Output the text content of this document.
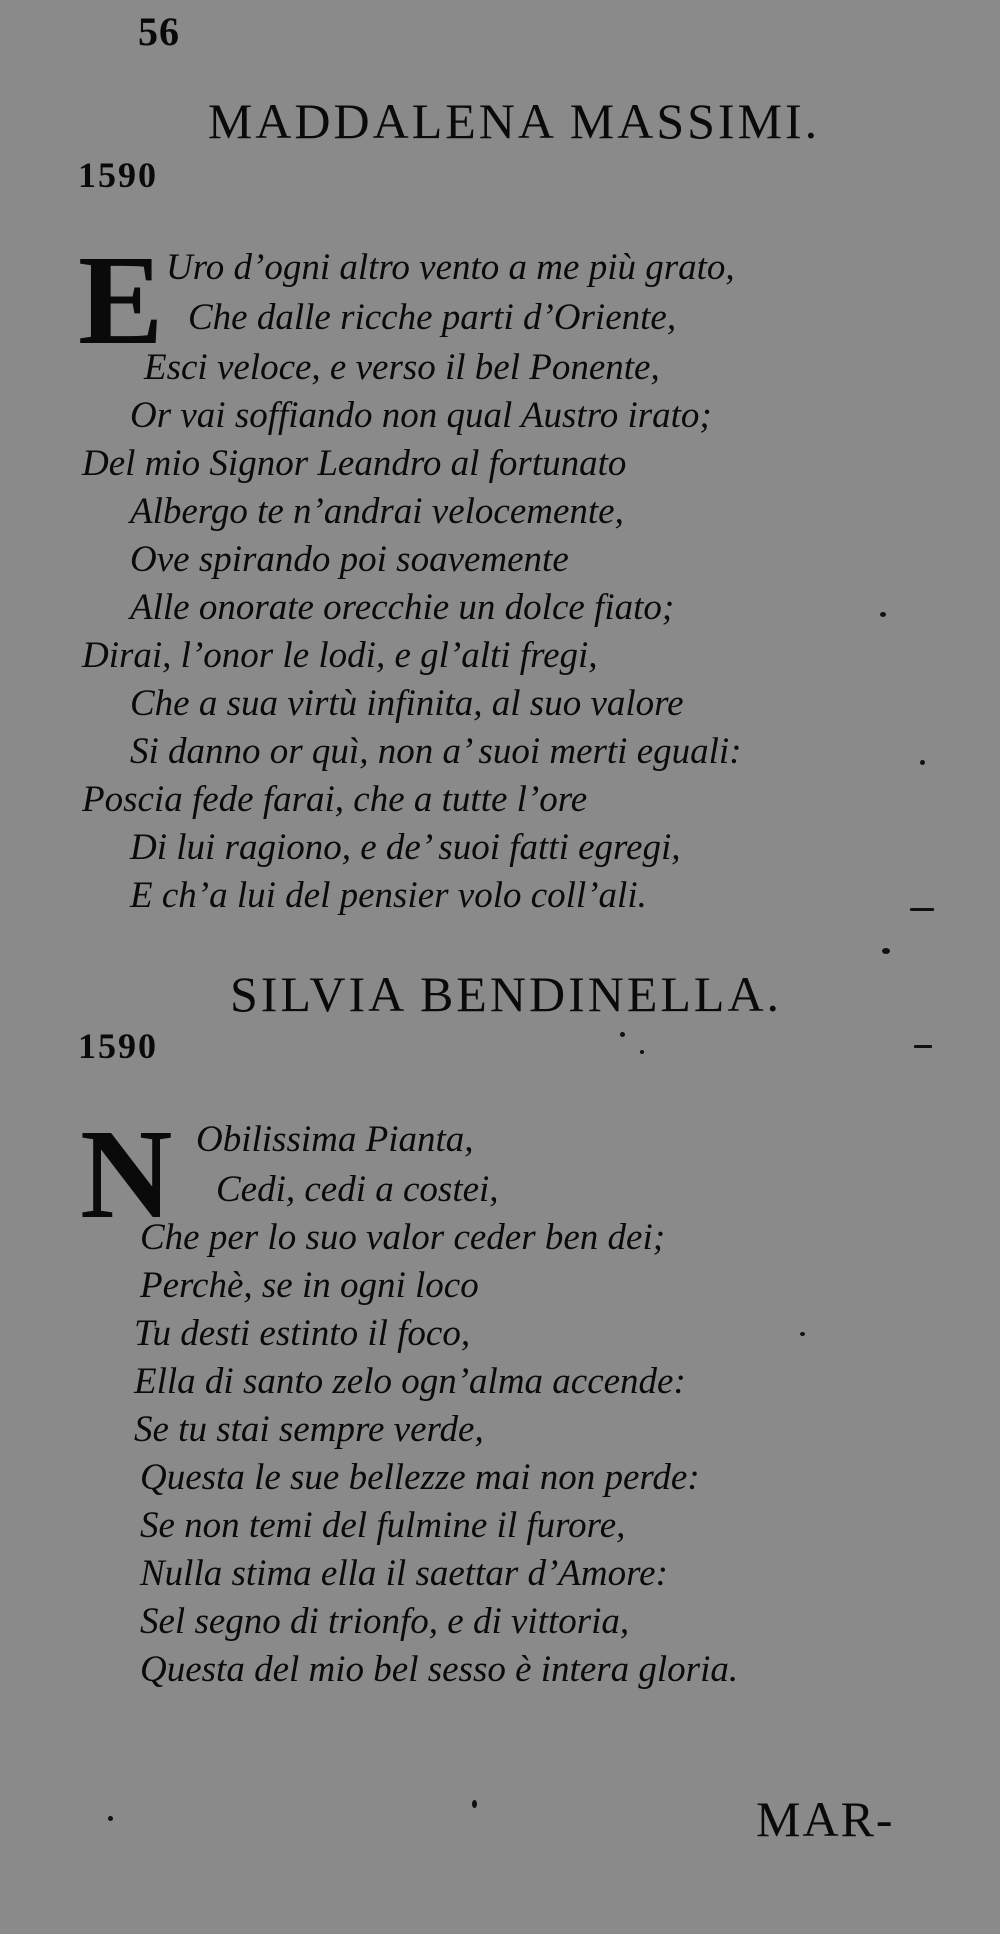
56
MADDALENA MASSIMI.
1590
E Uro d’ogni altro vento a me più grato,
Che dalle ricche parti d’Oriente,
Esci veloce, e verso il bel Ponente,
Or vai soffiando non qual Austro irato;
Del mio Signor Leandro al fortunato
Albergo te n’andrai velocemente,
Ove spirando poi soavemente
Alle onorate orecchie un dolce fiato;
Dirai, l’onor le lodi, e gl’alti fregi,
Che a sua virtù infinita, al suo valore
Si danno or quì, non a’ suoi merti eguali:
Poscia fede farai, che a tutte l’ore
Di lui ragiono, e de’ suoi fatti egregi,
E ch’a lui del pensier volo coll’ali.
SILVIA BENDINELLA.
1590
N Obilissima Pianta,
Cedi, cedi a costei,
Che per lo suo valor ceder ben dei;
Perchè, se in ogni loco
Tu desti estinto il foco,
Ella di santo zelo ogn’alma accende:
Se tu stai sempre verde,
Questa le sue bellezze mai non perde:
Se non temi del fulmine il furore,
Nulla stima ella il saettar d’Amore:
Sel segno di trionfo, e di vittoria,
Questa del mio bel sesso è intera gloria.
MAR-
